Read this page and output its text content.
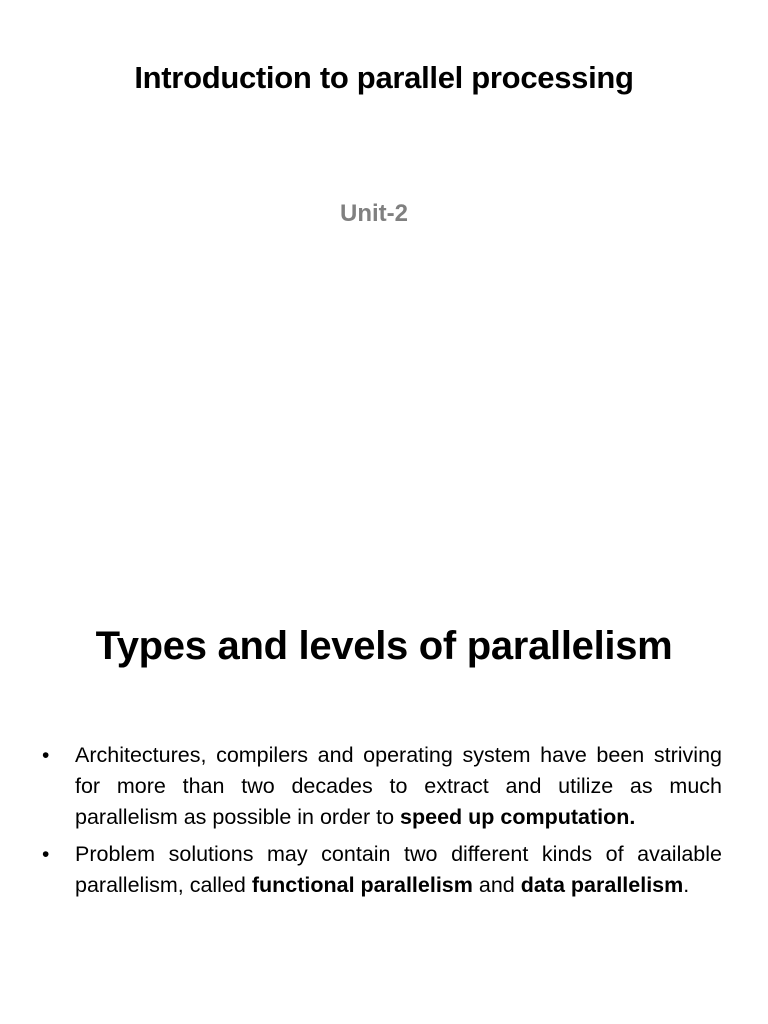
Introduction to parallel processing
Unit-2
Types and levels of parallelism
•	Architectures, compilers and operating system have been striving for more than two decades to extract and utilize as much parallelism as possible in order to speed up computation.
•	Problem solutions may contain two different kinds of available parallelism, called functional parallelism and data parallelism.
